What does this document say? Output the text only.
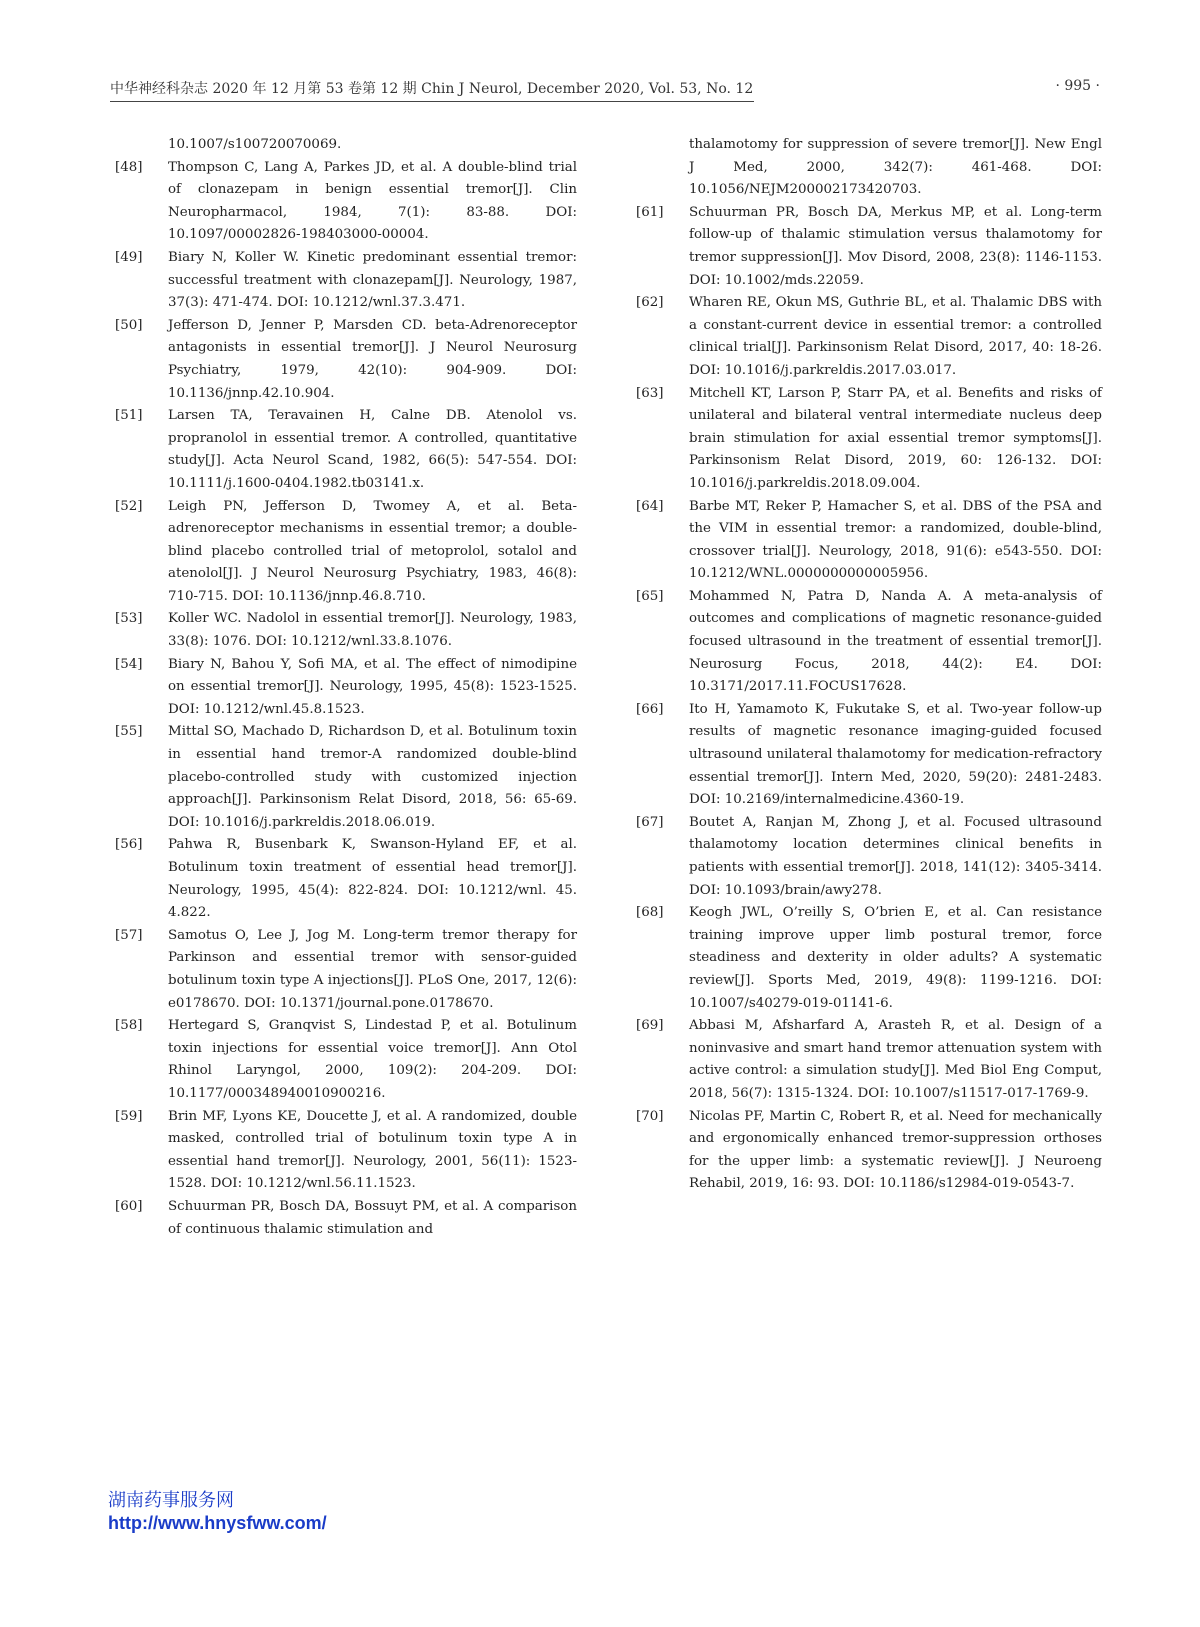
中华神经科杂志 2020 年 12 月第 53 卷第 12 期 Chin J Neurol, December 2020, Vol. 53, No. 12	· 995 ·
10.1007/s100720070069.
[48] Thompson C, Lang A, Parkes JD, et al. A double-blind trial of clonazepam in benign essential tremor[J]. Clin Neuropharmacol, 1984, 7(1): 83-88. DOI: 10.1097/00002826-198403000-00004.
[49] Biary N, Koller W. Kinetic predominant essential tremor: successful treatment with clonazepam[J]. Neurology, 1987, 37(3): 471-474. DOI: 10.1212/wnl.37.3.471.
[50] Jefferson D, Jenner P, Marsden CD. beta-Adrenoreceptor antagonists in essential tremor[J]. J Neurol Neurosurg Psychiatry, 1979, 42(10): 904-909. DOI: 10.1136/jnnp.42.10.904.
[51] Larsen TA, Teravainen H, Calne DB. Atenolol vs. propranolol in essential tremor. A controlled, quantitative study[J]. Acta Neurol Scand, 1982, 66(5): 547-554. DOI: 10.1111/j.1600-0404.1982.tb03141.x.
[52] Leigh PN, Jefferson D, Twomey A, et al. Beta-adrenoreceptor mechanisms in essential tremor; a double-blind placebo controlled trial of metoprolol, sotalol and atenolol[J]. J Neurol Neurosurg Psychiatry, 1983, 46(8): 710-715. DOI: 10.1136/jnnp.46.8.710.
[53] Koller WC. Nadolol in essential tremor[J]. Neurology, 1983, 33(8): 1076. DOI: 10.1212/wnl.33.8.1076.
[54] Biary N, Bahou Y, Sofi MA, et al. The effect of nimodipine on essential tremor[J]. Neurology, 1995, 45(8): 1523-1525. DOI: 10.1212/wnl.45.8.1523.
[55] Mittal SO, Machado D, Richardson D, et al. Botulinum toxin in essential hand tremor-A randomized double-blind placebo-controlled study with customized injection approach[J]. Parkinsonism Relat Disord, 2018, 56: 65-69. DOI: 10.1016/j.parkreldis.2018.06.019.
[56] Pahwa R, Busenbark K, Swanson-Hyland EF, et al. Botulinum toxin treatment of essential head tremor[J]. Neurology, 1995, 45(4): 822-824. DOI: 10.1212/wnl. 45. 4.822.
[57] Samotus O, Lee J, Jog M. Long-term tremor therapy for Parkinson and essential tremor with sensor-guided botulinum toxin type A injections[J]. PLoS One, 2017, 12(6): e0178670. DOI: 10.1371/journal.pone.0178670.
[58] Hertegard S, Granqvist S, Lindestad P, et al. Botulinum toxin injections for essential voice tremor[J]. Ann Otol Rhinol Laryngol, 2000, 109(2): 204-209. DOI: 10.1177/000348940010900216.
[59] Brin MF, Lyons KE, Doucette J, et al. A randomized, double masked, controlled trial of botulinum toxin type A in essential hand tremor[J]. Neurology, 2001, 56(11): 1523-1528. DOI: 10.1212/wnl.56.11.1523.
[60] Schuurman PR, Bosch DA, Bossuyt PM, et al. A comparison of continuous thalamic stimulation and
thalamotomy for suppression of severe tremor[J]. New Engl J Med, 2000, 342(7): 461-468. DOI: 10.1056/NEJM200002173420703.
[61] Schuurman PR, Bosch DA, Merkus MP, et al. Long-term follow-up of thalamic stimulation versus thalamotomy for tremor suppression[J]. Mov Disord, 2008, 23(8): 1146-1153. DOI: 10.1002/mds.22059.
[62] Wharen RE, Okun MS, Guthrie BL, et al. Thalamic DBS with a constant-current device in essential tremor: a controlled clinical trial[J]. Parkinsonism Relat Disord, 2017, 40: 18-26. DOI: 10.1016/j.parkreldis.2017.03.017.
[63] Mitchell KT, Larson P, Starr PA, et al. Benefits and risks of unilateral and bilateral ventral intermediate nucleus deep brain stimulation for axial essential tremor symptoms[J]. Parkinsonism Relat Disord, 2019, 60: 126-132. DOI: 10.1016/j.parkreldis.2018.09.004.
[64] Barbe MT, Reker P, Hamacher S, et al. DBS of the PSA and the VIM in essential tremor: a randomized, double-blind, crossover trial[J]. Neurology, 2018, 91(6): e543-550. DOI: 10.1212/WNL.0000000000005956.
[65] Mohammed N, Patra D, Nanda A. A meta-analysis of outcomes and complications of magnetic resonance-guided focused ultrasound in the treatment of essential tremor[J]. Neurosurg Focus, 2018, 44(2): E4. DOI: 10.3171/2017.11.FOCUS17628.
[66] Ito H, Yamamoto K, Fukutake S, et al. Two-year follow-up results of magnetic resonance imaging-guided focused ultrasound unilateral thalamotomy for medication-refractory essential tremor[J]. Intern Med, 2020, 59(20): 2481-2483. DOI: 10.2169/internalmedicine.4360-19.
[67] Boutet A, Ranjan M, Zhong J, et al. Focused ultrasound thalamotomy location determines clinical benefits in patients with essential tremor[J]. 2018, 141(12): 3405-3414. DOI: 10.1093/brain/awy278.
[68] Keogh JWL, O’reilly S, O’brien E, et al. Can resistance training improve upper limb postural tremor, force steadiness and dexterity in older adults? A systematic review[J]. Sports Med, 2019, 49(8): 1199-1216. DOI: 10.1007/s40279-019-01141-6.
[69] Abbasi M, Afsharfard A, Arasteh R, et al. Design of a noninvasive and smart hand tremor attenuation system with active control: a simulation study[J]. Med Biol Eng Comput, 2018, 56(7): 1315-1324. DOI: 10.1007/s11517-017-1769-9.
[70] Nicolas PF, Martin C, Robert R, et al. Need for mechanically and ergonomically enhanced tremor-suppression orthoses for the upper limb: a systematic review[J]. J Neuroeng Rehabil, 2019, 16: 93. DOI: 10.1186/s12984-019-0543-7.
湖南药事服务网
http://www.hnysfww.com/
